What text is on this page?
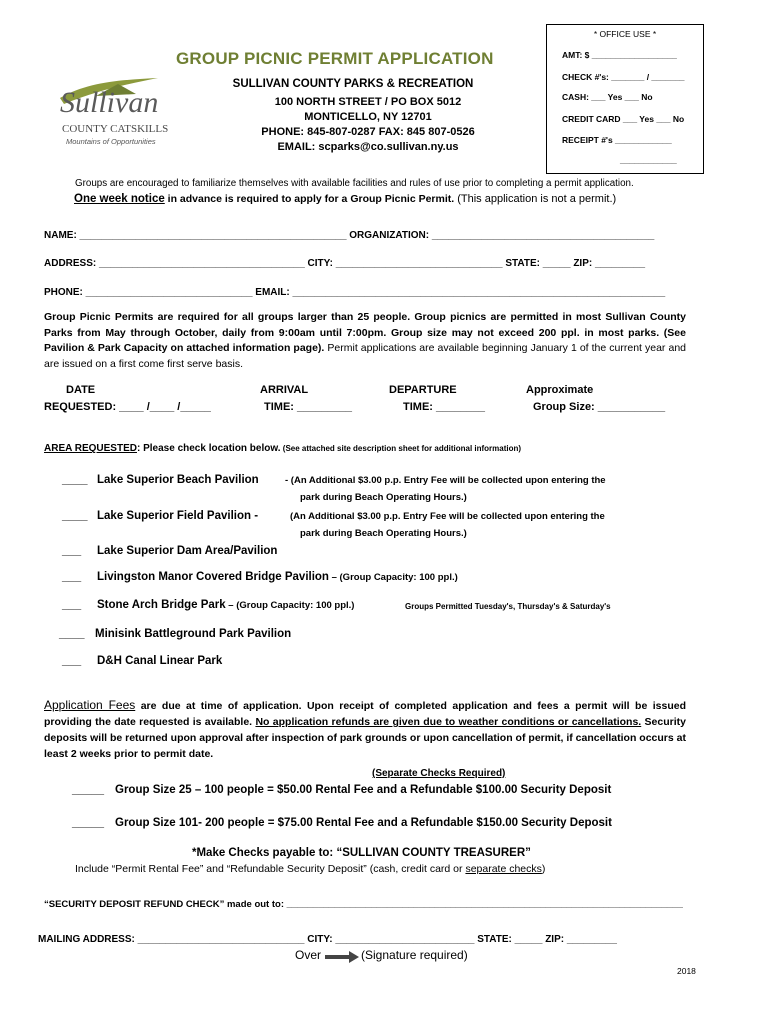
* OFFICE USE *
AMT: $ __________________
CHECK #'s: _______ / _______
CASH: ___ Yes ___ No
CREDIT CARD ___ Yes ___ No
RECEIPT #'s ____________
____________
GROUP PICNIC PERMIT APPLICATION
SULLIVAN COUNTY PARKS & RECREATION
100 NORTH STREET / PO BOX 5012
MONTICELLO, NY 12701
PHONE: 845-807-0287 FAX: 845 807-0526
EMAIL: scparks@co.sullivan.ny.us
Sullivan
COUNTY CATSKILLS
Mountains of Opportunities
Groups are encouraged to familiarize themselves with available facilities and rules of use prior to completing a permit application.
One week notice in advance is required to apply for a Group Picnic Permit. (This application is not a permit.)
NAME: ________________________________________________ ORGANIZATION: ________________________________________
ADDRESS: _____________________________________ CITY: ______________________________ STATE: _____ ZIP: _________
PHONE: ______________________________ EMAIL: ___________________________________________________________________
Group Picnic Permits are required for all groups larger than 25 people. Group picnics are permitted in most Sullivan County Parks from May through October, daily from 9:00am until 7:00pm. Group size may not exceed 200 ppl. in most parks. (See Pavilion & Park Capacity on attached information page). Permit applications are available beginning January 1 of the current year and are issued on a first come first serve basis.
DATE
REQUESTED: ____ /____ /_____
ARRIVAL
TIME: _________
DEPARTURE
TIME: ________
Approximate
Group Size: ___________
AREA REQUESTED: Please check location below. (See attached site description sheet for additional information)
____ Lake Superior Beach Pavilion	- (An Additional $3.00 p.p. Entry Fee will be collected upon entering the
park during Beach Operating Hours.)
____ Lake Superior Field Pavilion -	(An Additional $3.00 p.p. Entry Fee will be collected upon entering the
park during Beach Operating Hours.)
___ Lake Superior Dam Area/Pavilion
___ Livingston Manor Covered Bridge Pavilion – (Group Capacity: 100 ppl.)
___ Stone Arch Bridge Park – (Group Capacity: 100 ppl.)	Groups Permitted Tuesday's, Thursday's & Saturday's
____ Minisink Battleground Park Pavilion
___ D&H Canal Linear Park
Application Fees are due at time of application. Upon receipt of completed application and fees a permit will be issued providing the date requested is available. No application refunds are given due to weather conditions or cancellations. Security deposits will be returned upon approval after inspection of park grounds or upon cancellation of permit, if cancellation occurs at least 2 weeks prior to permit date.
(Separate Checks Required)
_____ Group Size 25 – 100 people = $50.00 Rental Fee and a Refundable $100.00 Security Deposit
_____ Group Size 101- 200 people = $75.00 Rental Fee and a Refundable $150.00 Security Deposit
*Make Checks payable to: “SULLIVAN COUNTY TREASURER”
Include “Permit Rental Fee” and “Refundable Security Deposit” (cash, credit card or separate checks)
“SECURITY DEPOSIT REFUND CHECK” made out to: ___________________________________________________________________________
MAILING ADDRESS: ______________________________ CITY: _________________________ STATE: _____ ZIP: _________
Over	(Signature required)
2018
